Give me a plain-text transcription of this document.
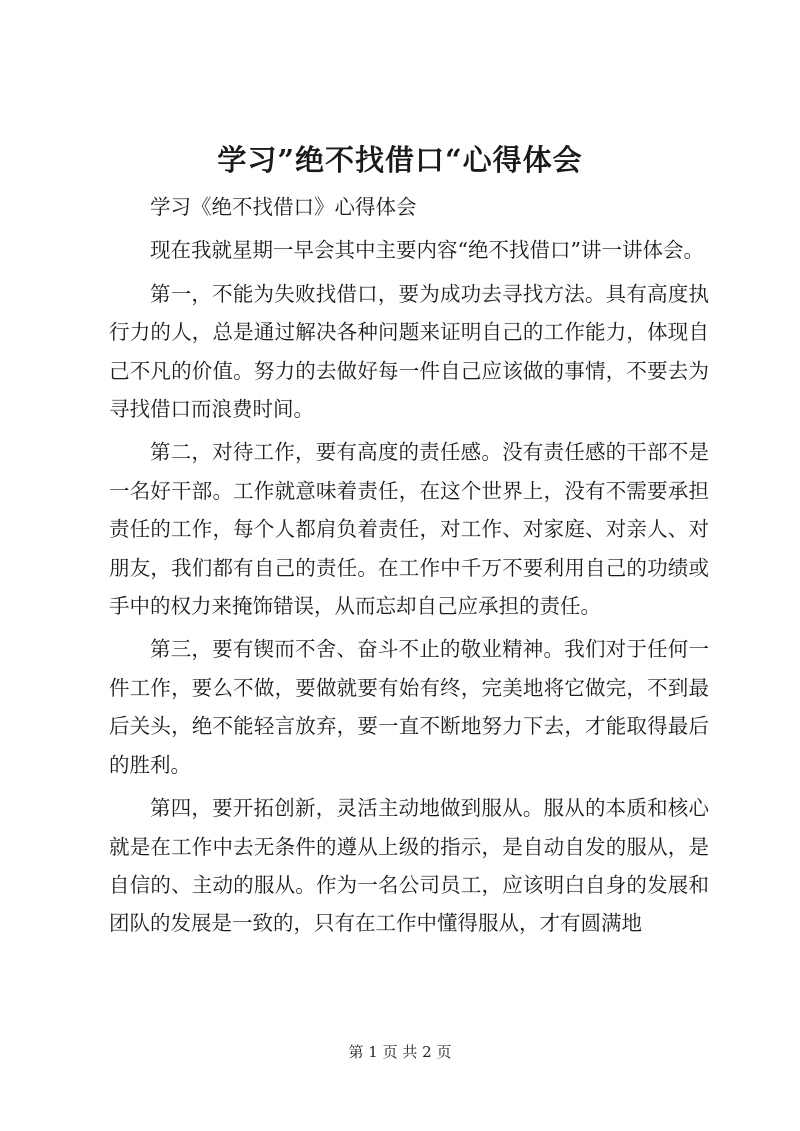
学习”绝不找借口“心得体会

学习《绝不找借口》心得体会

现在我就星期一早会其中主要内容“绝不找借口”讲一讲体会。

第一，不能为失败找借口，要为成功去寻找方法。具有高度执行力的人，总是通过解决各种问题来证明自己的工作能力，体现自己不凡的价值。努力的去做好每一件自己应该做的事情，不要去为寻找借口而浪费时间。

第二，对待工作，要有高度的责任感。没有责任感的干部不是一名好干部。工作就意味着责任，在这个世界上，没有不需要承担责任的工作，每个人都肩负着责任，对工作、对家庭、对亲人、对朋友，我们都有自己的责任。在工作中千万不要利用自己的功绩或手中的权力来掩饰错误，从而忘却自己应承担的责任。

第三，要有锲而不舍、奋斗不止的敬业精神。我们对于任何一件工作，要么不做，要做就要有始有终，完美地将它做完，不到最后关头，绝不能轻言放弃，要一直不断地努力下去，才能取得最后的胜利。

第四，要开拓创新，灵活主动地做到服从。服从的本质和核心就是在工作中去无条件的遵从上级的指示，是自动自发的服从，是自信的、主动的服从。作为一名公司员工，应该明白自身的发展和团队的发展是一致的，只有在工作中懂得服从，才有圆满地

第 1 页 共 2 页
